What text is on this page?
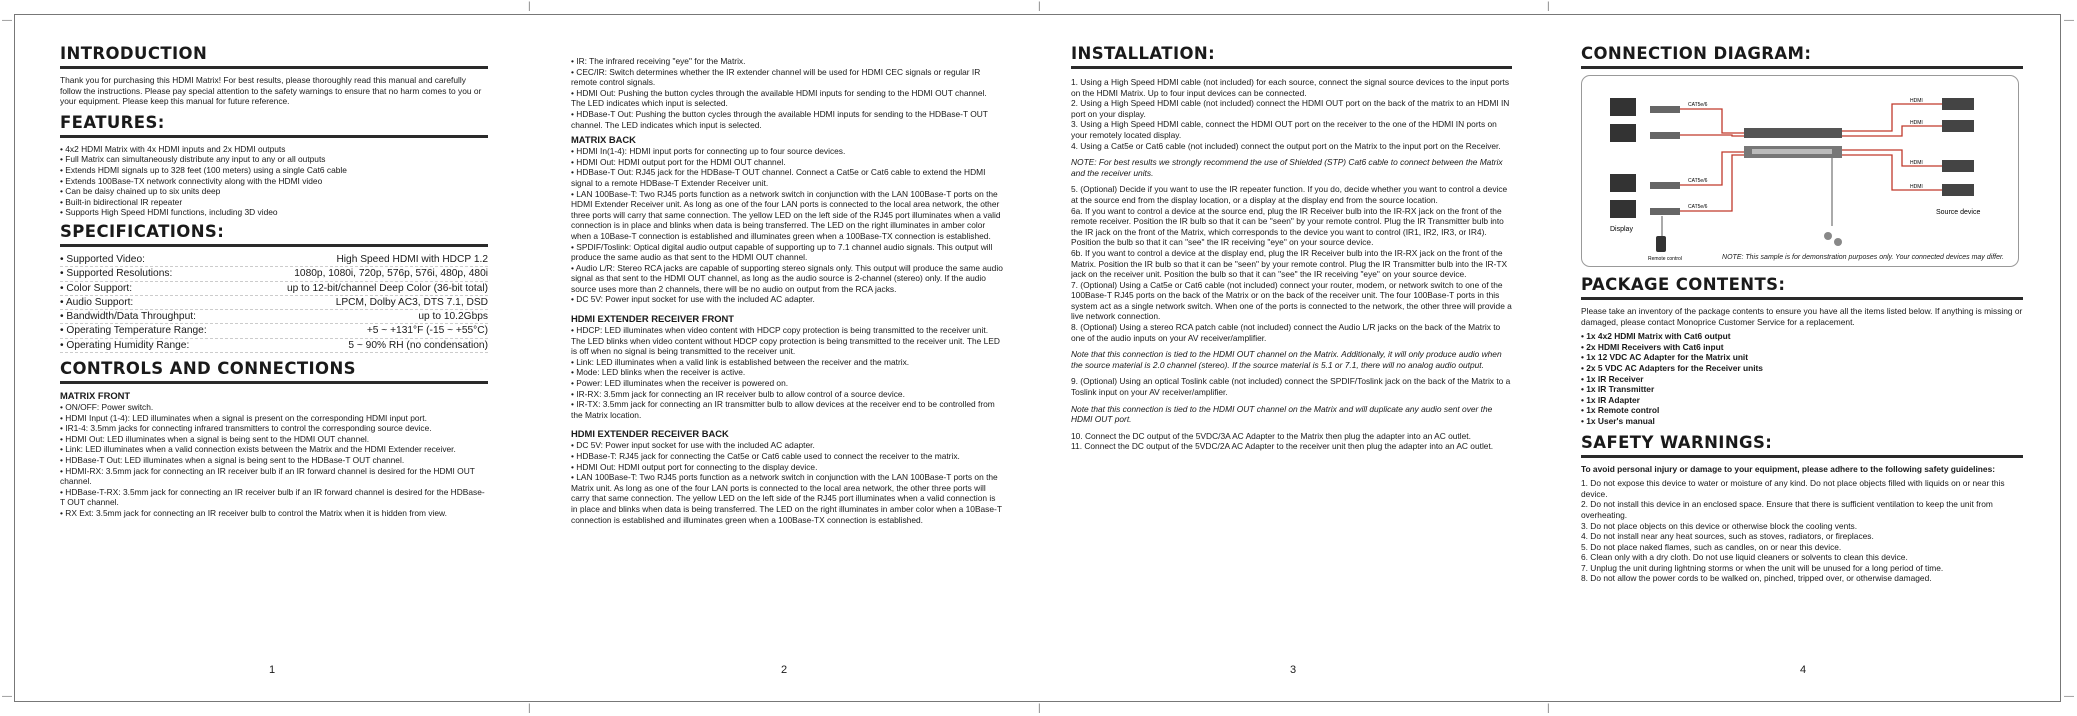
|	|	|
|	|	|
—	—
—	—
INTRODUCTION

Thank you for purchasing this HDMI Matrix! For best results, please thoroughly read this manual and carefully follow the instructions. Please pay special attention to the safety warnings to ensure that no harm comes to you or your equipment. Please keep this manual for future reference.

FEATURES:
• 4x2 HDMI Matrix with 4x HDMI inputs and 2x HDMI outputs
• Full Matrix can simultaneously distribute any input to any or all outputs
• Extends HDMI signals up to 328 feet (100 meters) using a single Cat6 cable
• Extends 100Base-TX network connectivity along with the HDMI video
• Can be daisy chained up to six units deep
• Built-in bidirectional IR repeater
• Supports High Speed HDMI functions, including 3D video
SPECIFICATIONS:
• Supported Video:	High Speed HDMI with HDCP 1.2
• Supported Resolutions:	1080p, 1080i, 720p, 576p, 576i, 480p, 480i
• Color Support:	up to 12-bit/channel Deep Color (36-bit total)
• Audio Support:	LPCM, Dolby AC3, DTS 7.1, DSD
• Bandwidth/Data Throughput:	up to 10.2Gbps
• Operating Temperature Range:	+5 ~ +131°F (-15 ~ +55°C)
• Operating Humidity Range:	5 ~ 90% RH (no condensation)
CONTROLS AND CONNECTIONS
MATRIX FRONT
• ON/OFF: Power switch.
• HDMI Input (1-4): LED illuminates when a signal is present on the corresponding HDMI input port.
• IR1-4: 3.5mm jacks for connecting infrared transmitters to control the corresponding source device.
• HDMI Out: LED illuminates when a signal is being sent to the HDMI OUT channel.
• Link: LED illuminates when a valid connection exists between the Matrix and the HDMI Extender receiver.
• HDBase-T Out: LED illuminates when a signal is being sent to the HDBase-T OUT channel.
• HDMI-RX: 3.5mm jack for connecting an IR receiver bulb if an IR forward channel is desired for the HDMI OUT channel.
• HDBase-T-RX: 3.5mm jack for connecting an IR receiver bulb if an IR forward channel is desired for the HDBase-T OUT channel.
• RX Ext: 3.5mm jack for connecting an IR receiver bulb to control the Matrix when it is hidden from view.
1
• IR: The infrared receiving "eye" for the Matrix.
• CEC/IR: Switch determines whether the IR extender channel will be used for HDMI CEC signals or regular IR remote control signals.
• HDMI Out: Pushing the button cycles through the available HDMI inputs for sending to the HDMI OUT channel. The LED indicates which input is selected.
• HDBase-T Out: Pushing the button cycles through the available HDMI inputs for sending to the HDBase-T OUT channel. The LED indicates which input is selected.
MATRIX BACK
• HDMI In(1-4): HDMI input ports for connecting up to four source devices.
• HDMI Out: HDMI output port for the HDMI OUT channel.
• HDBase-T Out: RJ45 jack for the HDBase-T OUT channel. Connect a Cat5e or Cat6 cable to extend the HDMI signal to a remote HDBase-T Extender Receiver unit.
• LAN 100Base-T: Two RJ45 ports function as a network switch in conjunction with the LAN 100Base-T ports on the HDMI Extender Receiver unit. As long as one of the four LAN ports is connected to the local area network, the other three ports will carry that same connection. The yellow LED on the left side of the RJ45 port illuminates when a valid connection is in place and blinks when data is being transferred. The LED on the right illuminates in amber color when a 10Base-T connection is established and illuminates green when a 100Base-TX connection is established.
• SPDIF/Toslink: Optical digital audio output capable of supporting up to 7.1 channel audio signals. This output will produce the same audio as that sent to the HDMI OUT channel.
• Audio L/R: Stereo RCA jacks are capable of supporting stereo signals only. This output will produce the same audio signal as that sent to the HDMI OUT channel, as long as the audio source is 2-channel (stereo) only. If the audio source uses more than 2 channels, there will be no audio on output from the RCA jacks.
• DC 5V: Power input socket for use with the included AC adapter.
HDMI EXTENDER RECEIVER FRONT
• HDCP: LED illuminates when video content with HDCP copy protection is being transmitted to the receiver unit. The LED blinks when video content without HDCP copy protection is being transmitted to the receiver unit. The LED is off when no signal is being transmitted to the receiver unit.
• Link: LED illuminates when a valid link is established between the receiver and the matrix.
• Mode: LED blinks when the receiver is active.
• Power: LED illuminates when the receiver is powered on.
• IR-RX: 3.5mm jack for connecting an IR receiver bulb to allow control of a source device.
• IR-TX: 3.5mm jack for connecting an IR transmitter bulb to allow devices at the receiver end to be controlled from the Matrix location.
HDMI EXTENDER RECEIVER BACK
• DC 5V: Power input socket for use with the included AC adapter.
• HDBase-T: RJ45 jack for connecting the Cat5e or Cat6 cable used to connect the receiver to the matrix.
• HDMI Out: HDMI output port for connecting to the display device.
• LAN 100Base-T: Two RJ45 ports function as a network switch in conjunction with the LAN 100Base-T ports on the Matrix unit. As long as one of the four LAN ports is connected to the local area network, the other three ports will carry that same connection. The yellow LED on the left side of the RJ45 port illuminates when a valid connection is in place and blinks when data is being transferred. The LED on the right illuminates in amber color when a 10Base-T connection is established and illuminates green when a 100Base-TX connection is established.
2
INSTALLATION:

1. Using a High Speed HDMI cable (not included) for each source, connect the signal source devices to the input ports on the HDMI Matrix. Up to four input devices can be connected.
2. Using a High Speed HDMI cable (not included) connect the HDMI OUT port on the back of the matrix to an HDMI IN port on your display.
3. Using a High Speed HDMI cable, connect the HDMI OUT port on the receiver to the one of the HDMI IN ports on your remotely located display.
4. Using a Cat5e or Cat6 cable (not included) connect the output port on the Matrix to the input port on the Receiver.

NOTE: For best results we strongly recommend the use of Shielded (STP) Cat6 cable to connect between the Matrix and the receiver units.

5. (Optional) Decide if you want to use the IR repeater function. If you do, decide whether you want to control a device at the source end from the display location, or a display at the display end from the source location.
6a. If you want to control a device at the source end, plug the IR Receiver bulb into the IR-RX jack on the front of the remote receiver. Position the IR bulb so that it can be "seen" by your remote control. Plug the IR Transmitter bulb into the IR jack on the front of the Matrix, which corresponds to the device you want to control (IR1, IR2, IR3, or IR4). Position the bulb so that it can "see" the IR receiving "eye" on your source device.
6b. If you want to control a device at the display end, plug the IR Receiver bulb into the IR-RX jack on the front of the Matrix. Position the IR bulb so that it can be "seen" by your remote control. Plug the IR Transmitter bulb into the IR-TX jack on the receiver unit. Position the bulb so that it can "see" the IR receiving "eye" on your source device.
7. (Optional) Using a Cat5e or Cat6 cable (not included) connect your router, modem, or network switch to one of the 100Base-T RJ45 ports on the back of the Matrix or on the back of the receiver unit. The four 100Base-T ports in this system act as a single network switch. When one of the ports is connected to the network, the other three will provide a live network connection.
8. (Optional) Using a stereo RCA patch cable (not included) connect the Audio L/R jacks on the back of the Matrix to one of the audio inputs on your AV receiver/amplifier.

Note that this connection is tied to the HDMI OUT channel on the Matrix. Additionally, it will only produce audio when the source material is 2.0 channel (stereo). If the source material is 5.1 or 7.1, there will no analog audio output.

9. (Optional) Using an optical Toslink cable (not included) connect the SPDIF/Toslink jack on the back of the Matrix to a Toslink input on your AV receiver/amplifier.

Note that this connection is tied to the HDMI OUT channel on the Matrix and will duplicate any audio sent over the HDMI OUT port.

10. Connect the DC output of the 5VDC/3A AC Adapter to the Matrix then plug the adapter into an AC outlet.
11. Connect the DC output of the 5VDC/2A AC Adapter to the receiver unit then plug the adapter into an AC outlet.

3
CONNECTION DIAGRAM:
Display
Remote control
Source device
HDMI
HDMI
HDMI
HDMI
CAT5e/6
CAT5e/6
CAT5e/6
NOTE: This sample is for demonstration purposes only. Your connected devices may differ.
PACKAGE CONTENTS:

Please take an inventory of the package contents to ensure you have all the items listed below. If anything is missing or damaged, please contact Monoprice Customer Service for a replacement.

• 1x 4x2 HDMI Matrix with Cat6 output
• 2x HDMI Receivers with Cat6 input
• 1x 12 VDC AC Adapter for the Matrix unit
• 2x 5 VDC AC Adapters for the Receiver units
• 1x IR Receiver
• 1x IR Transmitter
• 1x IR Adapter
• 1x Remote control
• 1x User's manual
SAFETY WARNINGS:

To avoid personal injury or damage to your equipment, please adhere to the following safety guidelines:

1. Do not expose this device to water or moisture of any kind. Do not place objects filled with liquids on or near this device.
2. Do not install this device in an enclosed space. Ensure that there is sufficient ventilation to keep the unit from overheating.
3. Do not place objects on this device or otherwise block the cooling vents.
4. Do not install near any heat sources, such as stoves, radiators, or fireplaces.
5. Do not place naked flames, such as candles, on or near this device.
6. Clean only with a dry cloth. Do not use liquid cleaners or solvents to clean this device.
7. Unplug the unit during lightning storms or when the unit will be unused for a long period of time.
8. Do not allow the power cords to be walked on, pinched, tripped over, or otherwise damaged.

4
